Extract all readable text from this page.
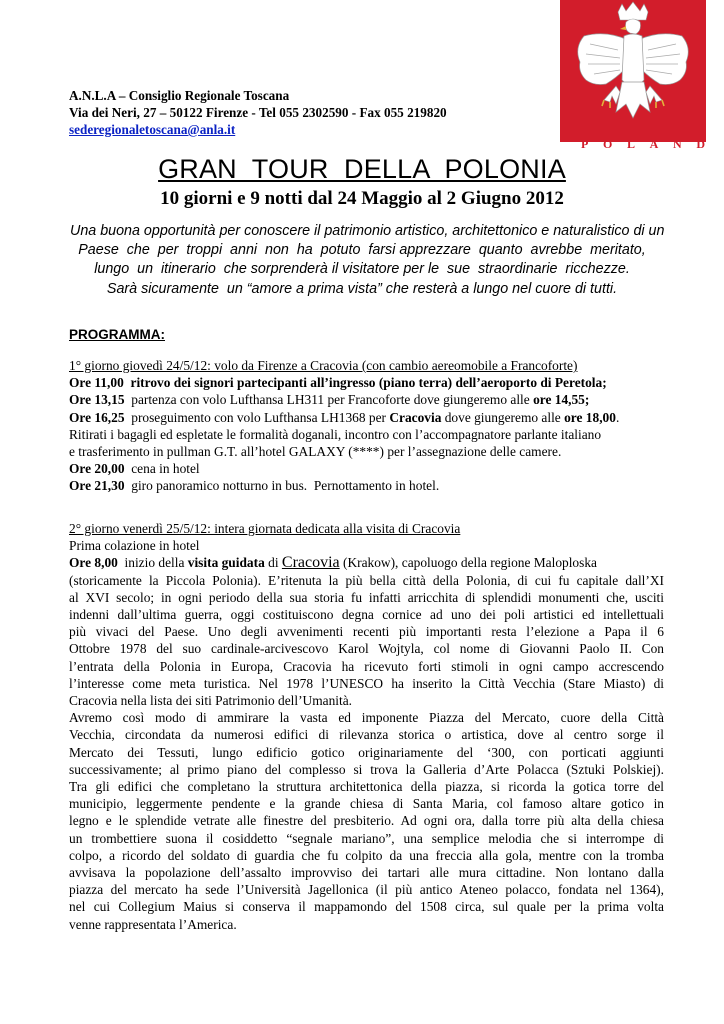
A.N.L.A – Consiglio Regionale Toscana
Via dei Neri, 27 – 50122 Firenze - Tel 055 2302590 - Fax 055 219820
sederegionaletoscana@anla.it
P O L A N D
GRAN  TOUR  DELLA  POLONIA
10 giorni e 9 notti dal 24 Maggio al 2 Giugno 2012
Una buona opportunità per conoscere il patrimonio artistico, architettonico e naturalistico di un
Paese  che  per  troppi  anni  non  ha  potuto  farsi apprezzare  quanto  avrebbe  meritato,
lungo  un  itinerario  che sorprenderà il visitatore per le  sue  straordinarie  ricchezze.
Sarà sicuramente  un “amore a prima vista” che resterà a lungo nel cuore di tutti.
PROGRAMMA:
1° giorno giovedì 24/5/12: volo da Firenze a Cracovia (con cambio aereomobile a Francoforte)
Ore 11,00  ritrovo dei signori partecipanti all’ingresso (piano terra) dell’aeroporto di Peretola;
Ore 13,15  partenza con volo Lufthansa LH311 per Francoforte dove giungeremo alle ore 14,55;
Ore 16,25  proseguimento con volo Lufthansa LH1368 per Cracovia dove giungeremo alle ore 18,00.
Ritirati i bagagli ed espletate le formalità doganali, incontro con l’accompagnatore parlante italiano
e trasferimento in pullman G.T. all’hotel GALAXY (****) per l’assegnazione delle camere.
Ore 20,00  cena in hotel
Ore 21,30  giro panoramico notturno in bus.  Pernottamento in hotel.
2° giorno venerdì 25/5/12: intera giornata dedicata alla visita di Cracovia
Prima colazione in hotel
Ore 8,00  inizio della visita guidata di Cracovia (Krakow), capoluogo della regione Maloploska
(storicamente la Piccola Polonia). E’ritenuta la più bella città della Polonia, di cui fu capitale dall’XI
al XVI secolo; in ogni periodo della sua storia fu infatti arricchita di splendidi monumenti che, usciti
indenni dall’ultima guerra, oggi costituiscono degna cornice ad uno dei poli artistici ed intellettuali
più vivaci del Paese. Uno degli avvenimenti recenti più importanti resta l’elezione a Papa il 6
Ottobre 1978 del suo cardinale-arcivescovo Karol Wojtyla, col nome di Giovanni Paolo II. Con
l’entrata della Polonia in Europa, Cracovia ha ricevuto forti stimoli in ogni campo accrescendo
l’interesse come meta turistica. Nel 1978 l’UNESCO ha inserito la Città Vecchia (Stare Miasto) di
Cracovia nella lista dei siti Patrimonio dell’Umanità.
Avremo così modo di ammirare la vasta ed imponente Piazza del Mercato, cuore della Città
Vecchia, circondata da numerosi edifici di rilevanza storica o artistica, dove al centro sorge il
Mercato dei Tessuti, lungo edificio gotico originariamente del ‘300, con porticati aggiunti
successivamente; al primo piano del complesso si trova la Galleria d’Arte Polacca (Sztuki Polskiej).
Tra gli edifici che completano la struttura architettonica della piazza, si ricorda la gotica torre del
municipio, leggermente pendente e la grande chiesa di Santa Maria, col famoso altare gotico in
legno e le splendide vetrate alle finestre del presbiterio. Ad ogni ora, dalla torre più alta della chiesa
un trombettiere suona il cosiddetto “segnale mariano”, una semplice melodia che si interrompe di
colpo, a ricordo del soldato di guardia che fu colpito da una freccia alla gola, mentre con la tromba
avvisava la popolazione dell’assalto improvviso dei tartari alle mura cittadine. Non lontano dalla
piazza del mercato ha sede l’Università Jagellonica (il più antico Ateneo polacco, fondata nel 1364),
nel cui Collegium Maius si conserva il mappamondo del 1508 circa, sul quale per la prima volta
venne rappresentata l’America.
